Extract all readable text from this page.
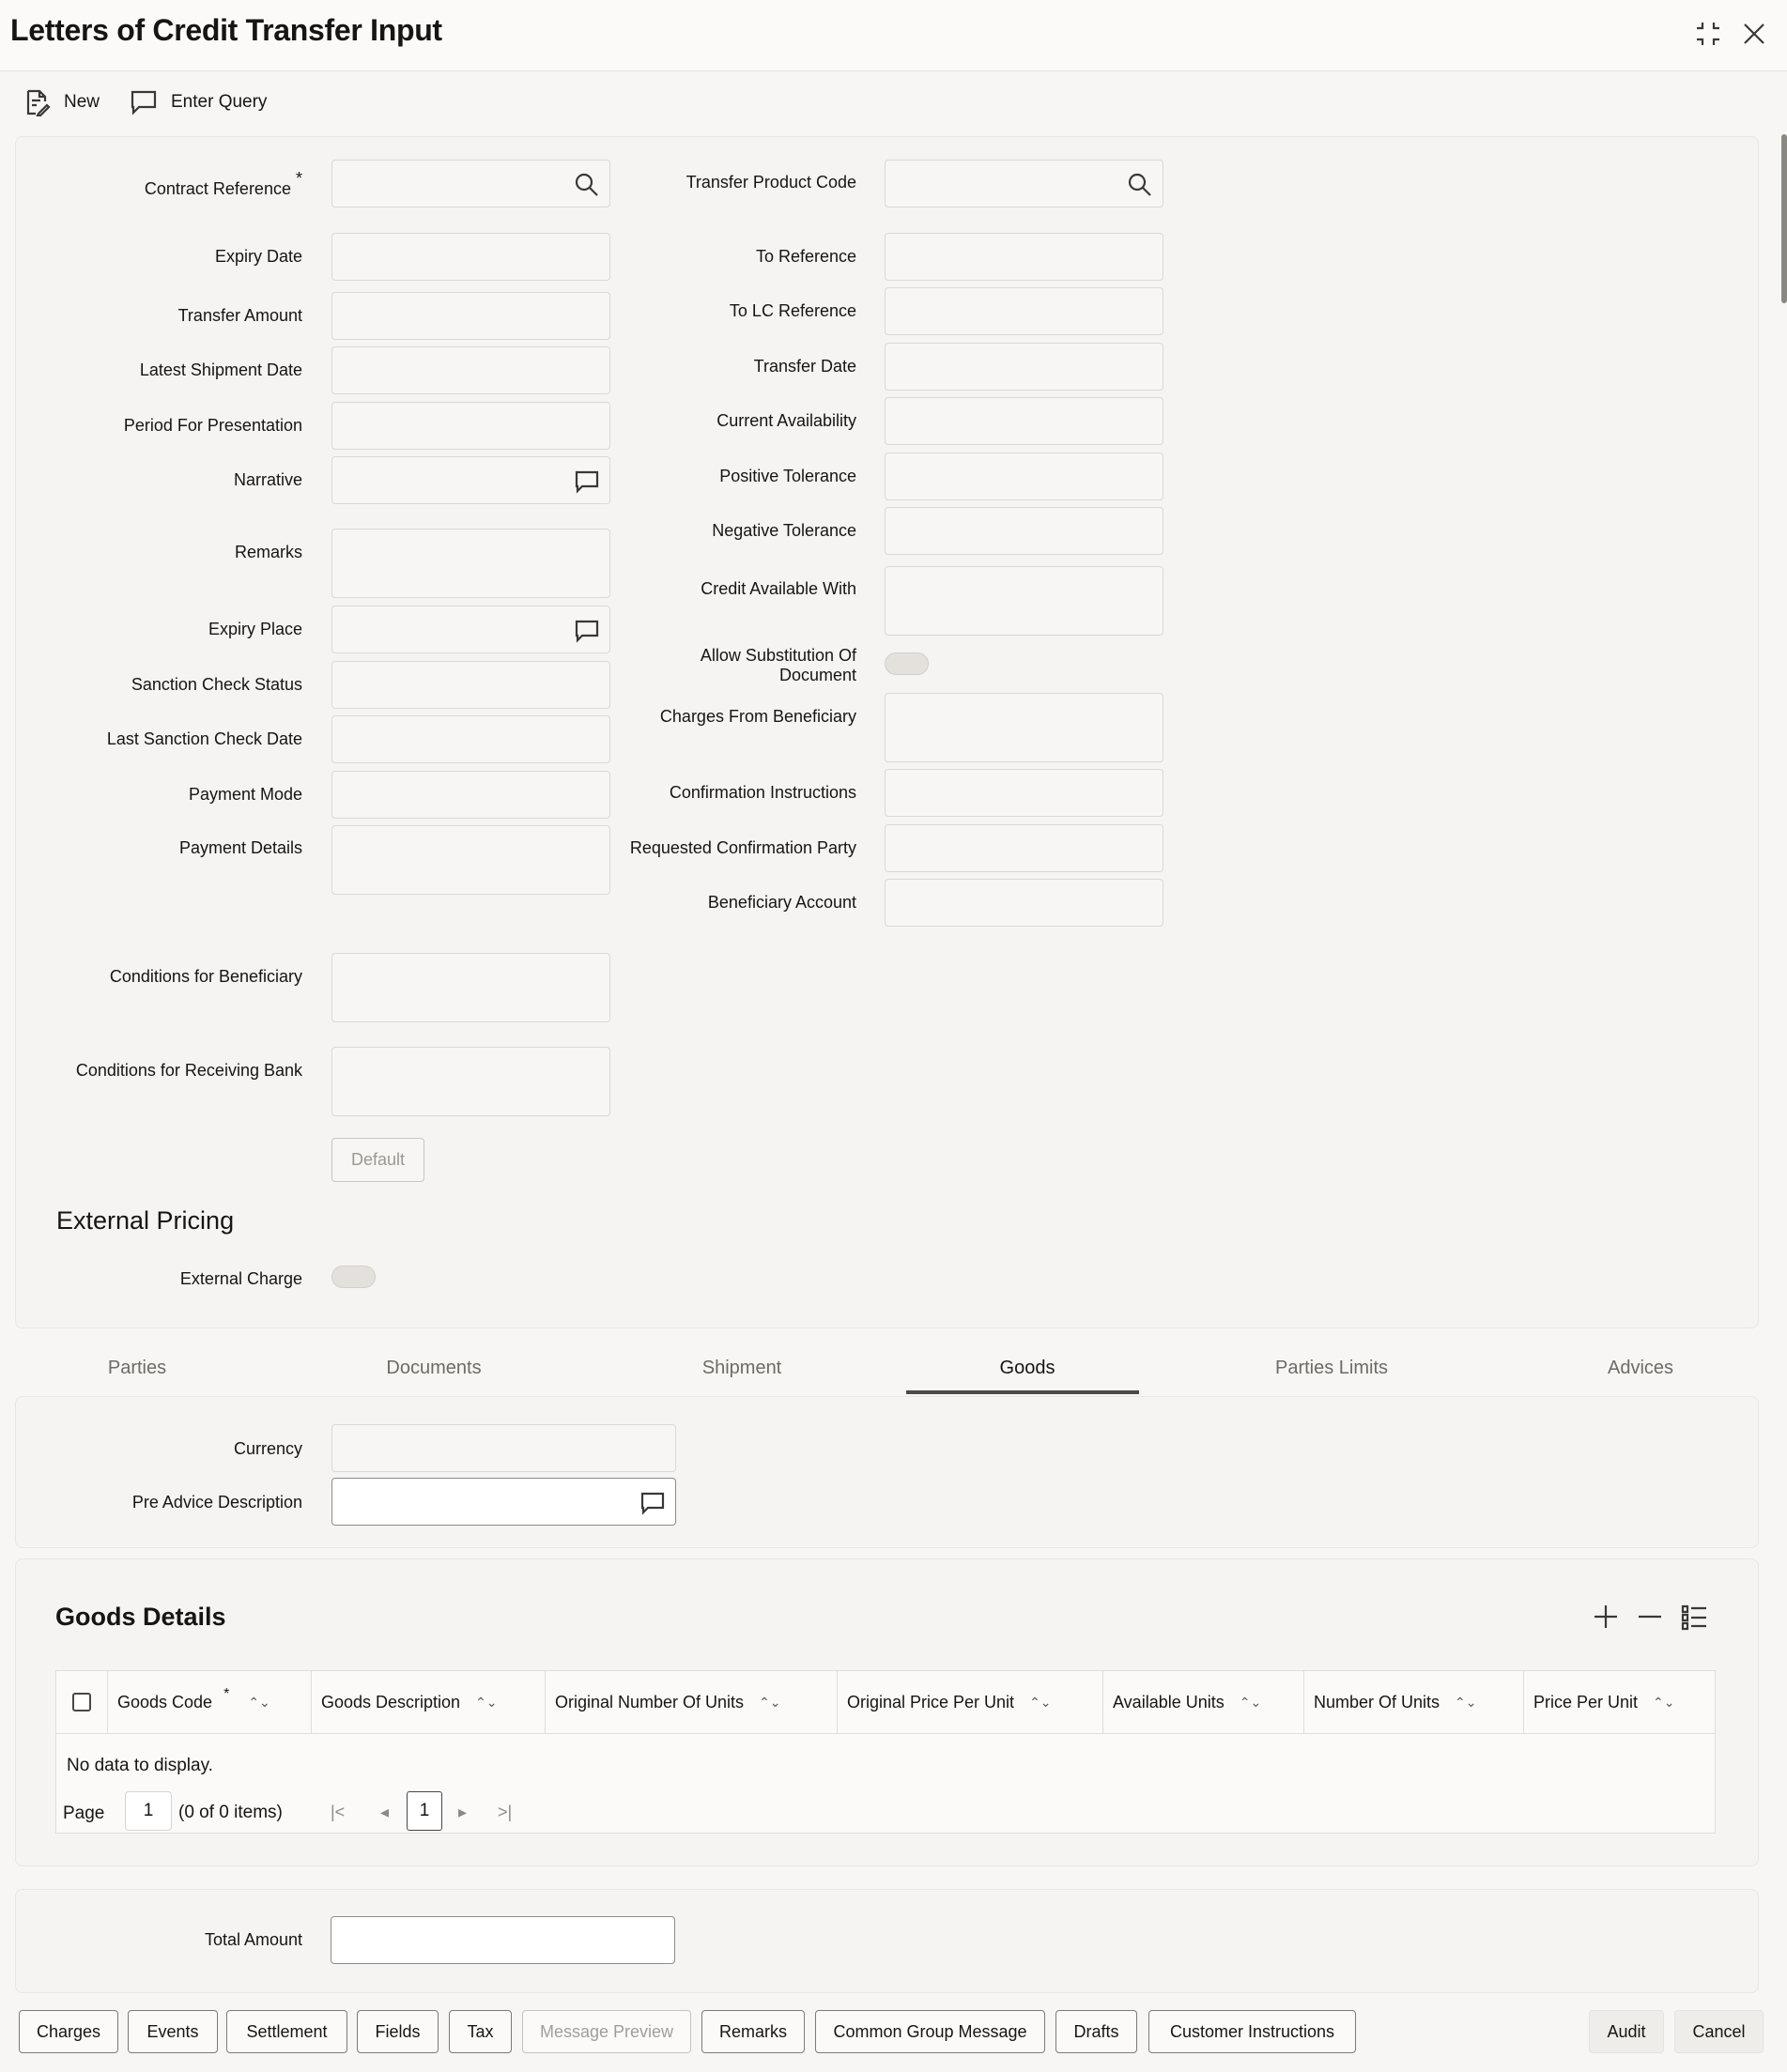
Letters of Credit Transfer Input
New	Enter Query
Contract Reference *
Expiry Date
Transfer Amount
Latest Shipment Date
Period For Presentation
Narrative
Remarks
Expiry Place
Sanction Check Status
Last Sanction Check Date
Payment Mode
Payment Details
Conditions for Beneficiary
Conditions for Receiving Bank
Default
Transfer Product Code
To Reference
To LC Reference
Transfer Date
Current Availability
Positive Tolerance
Negative Tolerance
Credit Available With
Allow Substitution Of
Document
Charges From Beneficiary
Confirmation Instructions
Requested Confirmation Party
Beneficiary Account
External Pricing
External Charge
Parties	Documents	Shipment	Goods	Parties Limits	Advices
Currency
Pre Advice Description
Goods Details
Goods Code * ⌃⌄	Goods Description ⌃⌄	Original Number Of Units ⌃⌄	Original Price Per Unit ⌃⌄	Available Units ⌃⌄	Number Of Units ⌃⌄	Price Per Unit ⌃⌄
No data to display.
Page 1 (0 of 0 items)	|< ◂ 1 ▸ >|
Total Amount
Charges	Events	Settlement	Fields	Tax	Message Preview	Remarks	Common Group Message	Drafts	Customer Instructions	Audit	Cancel
